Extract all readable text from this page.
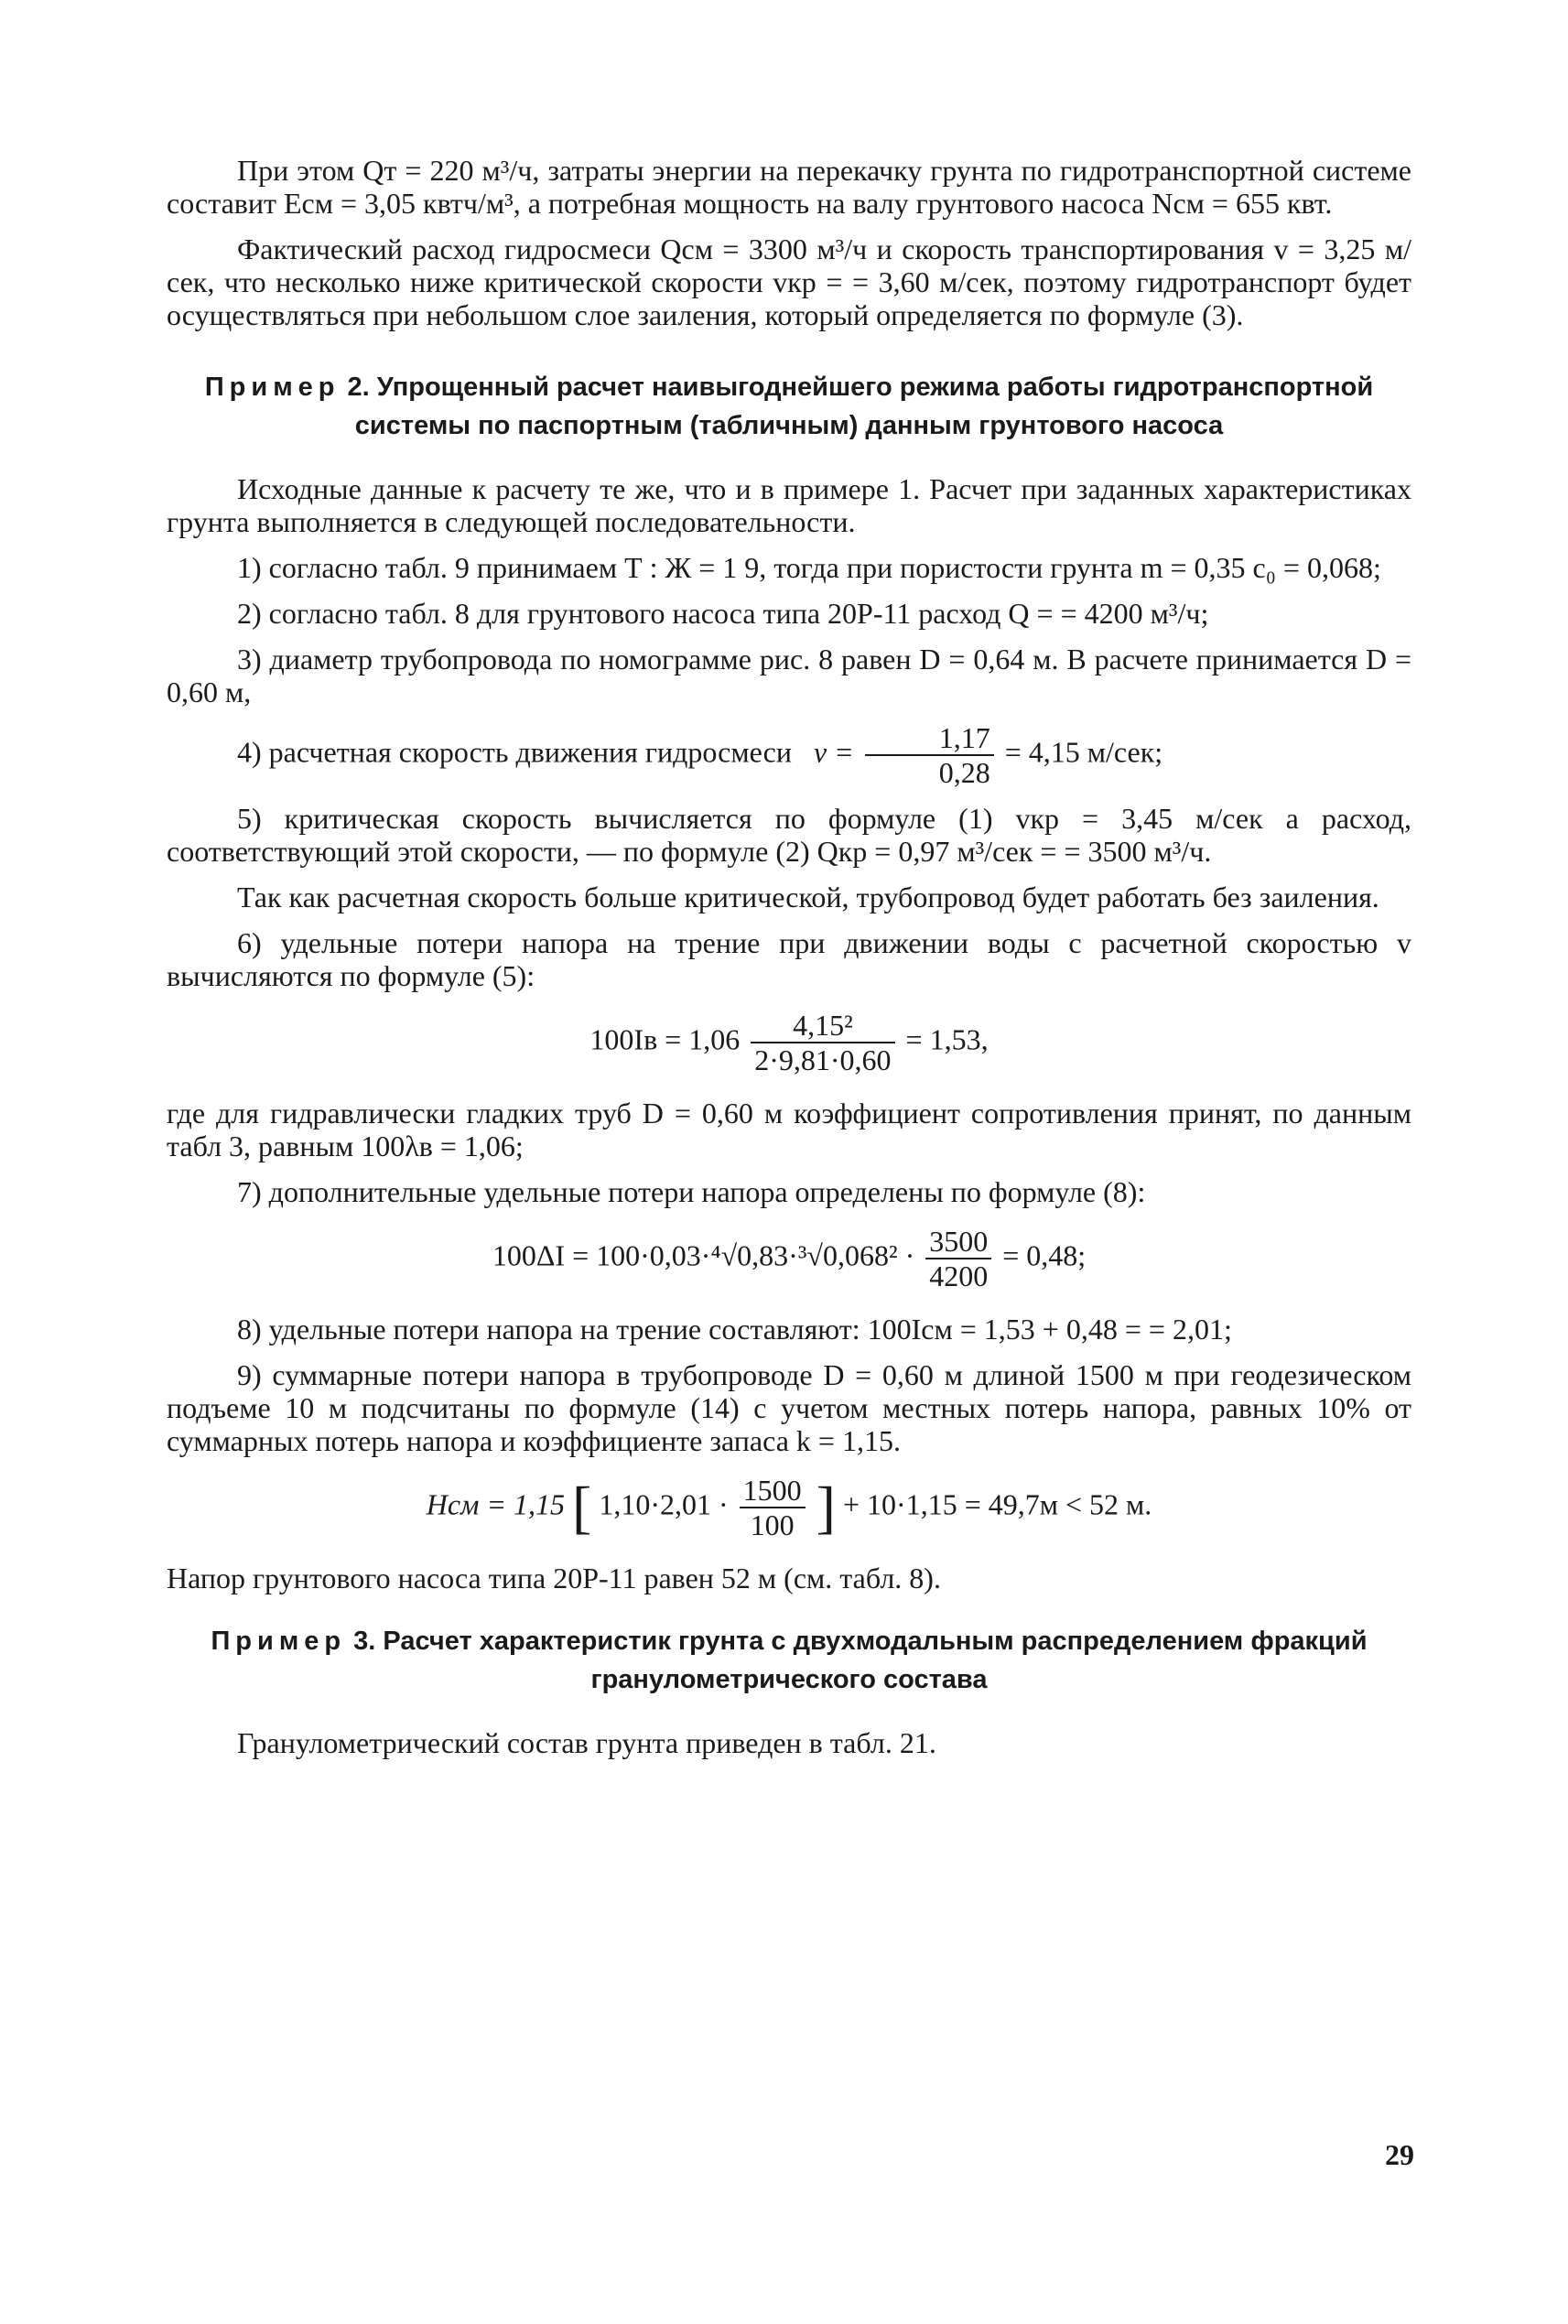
При этом Qт = 220 м³/ч, затраты энергии на перекачку грунта по гидротранспортной системе составит Eсм = 3,05 квтч/м³, а потребная мощность на валу грунтового насоса Nсм = 655 квт.

Фактический расход гидросмеси Qсм = 3300 м³/ч и скорость транспортирования v = 3,25 м/сек, что несколько ниже критической скорости vкр = = 3,60 м/сек, поэтому гидротранспорт будет осуществляться при небольшом слое заиления, который определяется по формуле (3).

Пример 2. Упрощенный расчет наивыгоднейшего режима работы гидротранспортной системы по паспортным (табличным) данным грунтового насоса

Исходные данные к расчету те же, что и в примере 1. Расчет при заданных характеристиках грунта выполняется в следующей последовательности.

1) согласно табл. 9 принимаем Т : Ж = 1 9, тогда при пористости грунта m = 0,35 c₀ = 0,068;

2) согласно табл. 8 для грунтового насоса типа 20Р-11 расход Q = = 4200 м³/ч;

3) диаметр трубопровода по номограмме рис. 8 равен D = 0,64 м. В расчете принимается D = 0,60 м,

4) расчетная скорость движения гидросмеси $v = \frac{1,17}{0,28} = 4,15$ м/сек;

5) критическая скорость вычисляется по формуле (1) vкр = 3,45 м/сек а расход, соответствующий этой скорости, — по формуле (2) Qкр = 0,97 м³/сек = = 3500 м³/ч.

Так как расчетная скорость больше критической, трубопровод будет работать без заиления.

6) удельные потери напора на трение при движении воды с расчетной скоростью v вычисляются по формуле (5):

$100Iв = 1,06 \frac{\text{4,15²}}{2\cdot 9,81\cdot 0,60} = 1,53$,

где для гидравлически гладких труб D = 0,60 м коэффициент сопротивления принят, по данным табл 3, равным 100λв = 1,06;

7) дополнительные удельные потери напора определены по формуле (8):

$100\Delta I = 100\cdot 0,03\cdot^4√0,83\cdot^3√0,068^2 \cdot \frac{3500}{4200} = 0,48$;

8) удельные потери напора на трение составляют: 100Iсм = 1,53 + 0,48 = = 2,01;

9) суммарные потери напора в трубопроводе D = 0,60 м длиной 1500 м при геодезическом подъеме 10 м подсчитаны по формуле (14) с учетом местных потерь напора, равных 10% от суммарных потерь напора и коэффициенте запаса k = 1,15.

Hсм = 1,15 [ $1,10\cdot 2,01 \cdot \frac{1500}{100}$ ] + 10·1,15 = 49,7м < 52 м.

Напор грунтового насоса типа 20Р-11 равен 52 м (см. табл. 8).

Пример 3. Расчет характеристик грунта с двухмодальным распределением фракций гранулометрического состава

Гранулометрический состав грунта приведен в табл. 21.

29
